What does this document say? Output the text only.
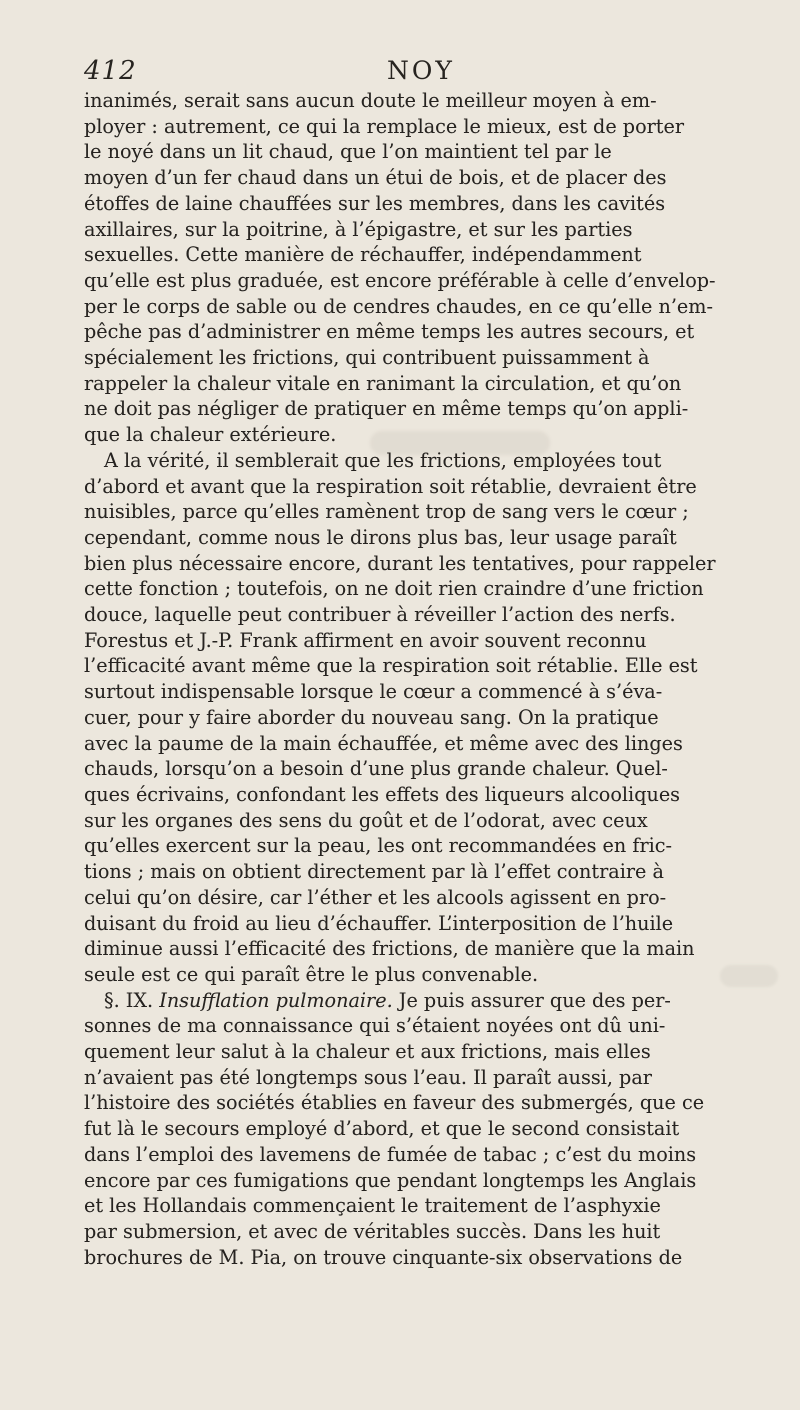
412	NOY
inanimés, serait sans aucun doute le meilleur moyen à em-
ployer : autrement, ce qui la remplace le mieux, est de porter
le noyé dans un lit chaud, que l’on maintient tel par le
moyen d’un fer chaud dans un étui de bois, et de placer des
étoffes de laine chauffées sur les membres, dans les cavités
axillaires, sur la poitrine, à l’épigastre, et sur les parties
sexuelles. Cette manière de réchauffer, indépendamment
qu’elle est plus graduée, est encore préférable à celle d’envelop-
per le corps de sable ou de cendres chaudes, en ce qu’elle n’em-
pêche pas d’administrer en même temps les autres secours, et
spécialement les frictions, qui contribuent puissamment à
rappeler la chaleur vitale en ranimant la circulation, et qu’on
ne doit pas négliger de pratiquer en même temps qu’on appli-
que la chaleur extérieure.
A la vérité, il semblerait que les frictions, employées tout
d’abord et avant que la respiration soit rétablie, devraient être
nuisibles, parce qu’elles ramènent trop de sang vers le cœur ;
cependant, comme nous le dirons plus bas, leur usage paraît
bien plus nécessaire encore, durant les tentatives, pour rappeler
cette fonction ; toutefois, on ne doit rien craindre d’une friction
douce, laquelle peut contribuer à réveiller l’action des nerfs.
Forestus et J.-P. Frank affirment en avoir souvent reconnu
l’efficacité avant même que la respiration soit rétablie. Elle est
surtout indispensable lorsque le cœur a commencé à s’éva-
cuer, pour y faire aborder du nouveau sang. On la pratique
avec la paume de la main échauffée, et même avec des linges
chauds, lorsqu’on a besoin d’une plus grande chaleur. Quel-
ques écrivains, confondant les effets des liqueurs alcooliques
sur les organes des sens du goût et de l’odorat, avec ceux
qu’elles exercent sur la peau, les ont recommandées en fric-
tions ; mais on obtient directement par là l’effet contraire à
celui qu’on désire, car l’éther et les alcools agissent en pro-
duisant du froid au lieu d’échauffer. L’interposition de l’huile
diminue aussi l’efficacité des frictions, de manière que la main
seule est ce qui paraît être le plus convenable.
§. IX. Insufflation pulmonaire. Je puis assurer que des per-
sonnes de ma connaissance qui s’étaient noyées ont dû uni-
quement leur salut à la chaleur et aux frictions, mais elles
n’avaient pas été longtemps sous l’eau. Il paraît aussi, par
l’histoire des sociétés établies en faveur des submergés, que ce
fut là le secours employé d’abord, et que le second consistait
dans l’emploi des lavemens de fumée de tabac ; c’est du moins
encore par ces fumigations que pendant longtemps les Anglais
et les Hollandais commençaient le traitement de l’asphyxie
par submersion, et avec de véritables succès. Dans les huit
brochures de M. Pia, on trouve cinquante-six observations de
